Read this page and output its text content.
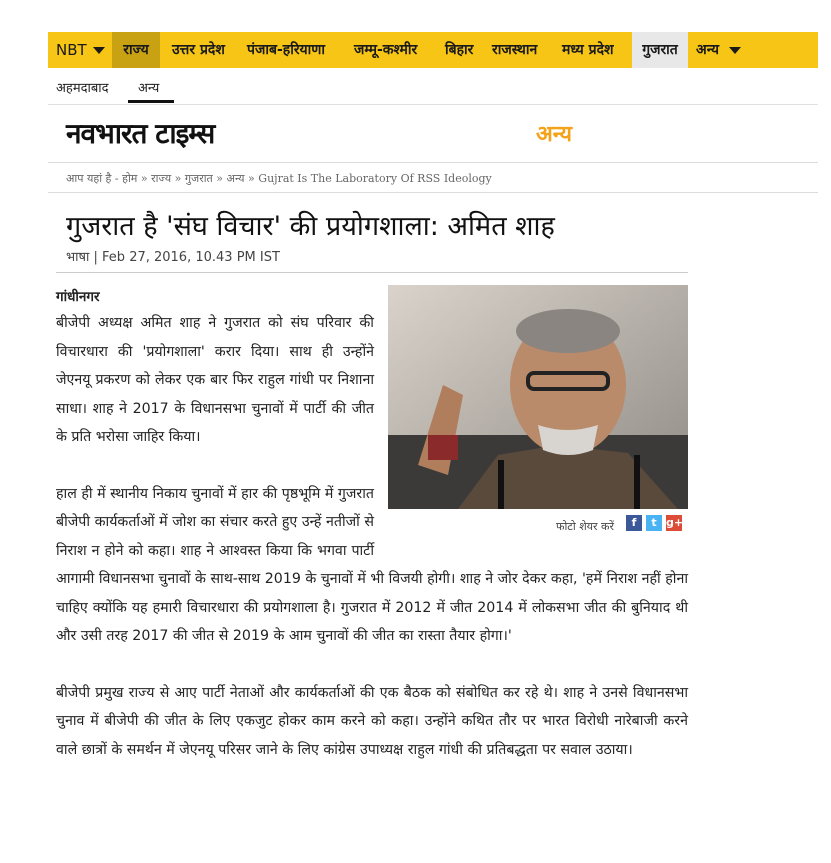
NBT	राज्य	उत्तर प्रदेश पंजाब-हरियाणा जम्मू-कश्मीर बिहार राजस्थान मध्य प्रदेश	गुजरात	अन्य
अहमदाबाद अन्य
नवभारत टाइम्स	अन्य
आप यहां है - होम » राज्य » गुजरात » अन्य » Gujrat Is The Laboratory Of RSS Ideology
गुजरात है 'संघ विचार' की प्रयोगशाला: अमित शाह
भाषा | Feb 27, 2016, 10.43 PM IST
गांधीनगर
फोटो शेयर करें	f	t g+

बीजेपी अध्यक्ष अमित शाह ने गुजरात को संघ परिवार की विचारधारा की 'प्रयोगशाला' करार दिया। साथ ही उन्होंने जेएनयू प्रकरण को लेकर एक बार फिर राहुल गांधी पर निशाना साधा। शाह ने 2017 के विधानसभा चुनावों में पार्टी की जीत के प्रति भरोसा जाहिर किया।

हाल ही में स्थानीय निकाय चुनावों में हार की पृष्ठभूमि में गुजरात बीजेपी कार्यकर्ताओं में जोश का संचार करते हुए उन्हें नतीजों से निराश न होने को कहा। शाह ने आश्वस्त किया कि भगवा पार्टी आगामी विधानसभा चुनावों के साथ-साथ 2019 के चुनावों में भी विजयी होगी। शाह ने जोर देकर कहा, 'हमें निराश नहीं होना चाहिए क्योंकि यह हमारी विचारधारा की प्रयोगशाला है। गुजरात में 2012 में जीत 2014 में लोकसभा जीत की बुनियाद थी और उसी तरह 2017 की जीत से 2019 के आम चुनावों की जीत का रास्ता तैयार होगा।'

बीजेपी प्रमुख राज्य से आए पार्टी नेताओं और कार्यकर्ताओं की एक बैठक को संबोधित कर रहे थे। शाह ने उनसे विधानसभा चुनाव में बीजेपी की जीत के लिए एकजुट होकर काम करने को कहा। उन्होंने कथित तौर पर भारत विरोधी नारेबाजी करने वाले छात्रों के समर्थन में जेएनयू परिसर जाने के लिए कांग्रेस उपाध्यक्ष राहुल गांधी की प्रतिबद्धता पर सवाल उठाया।
